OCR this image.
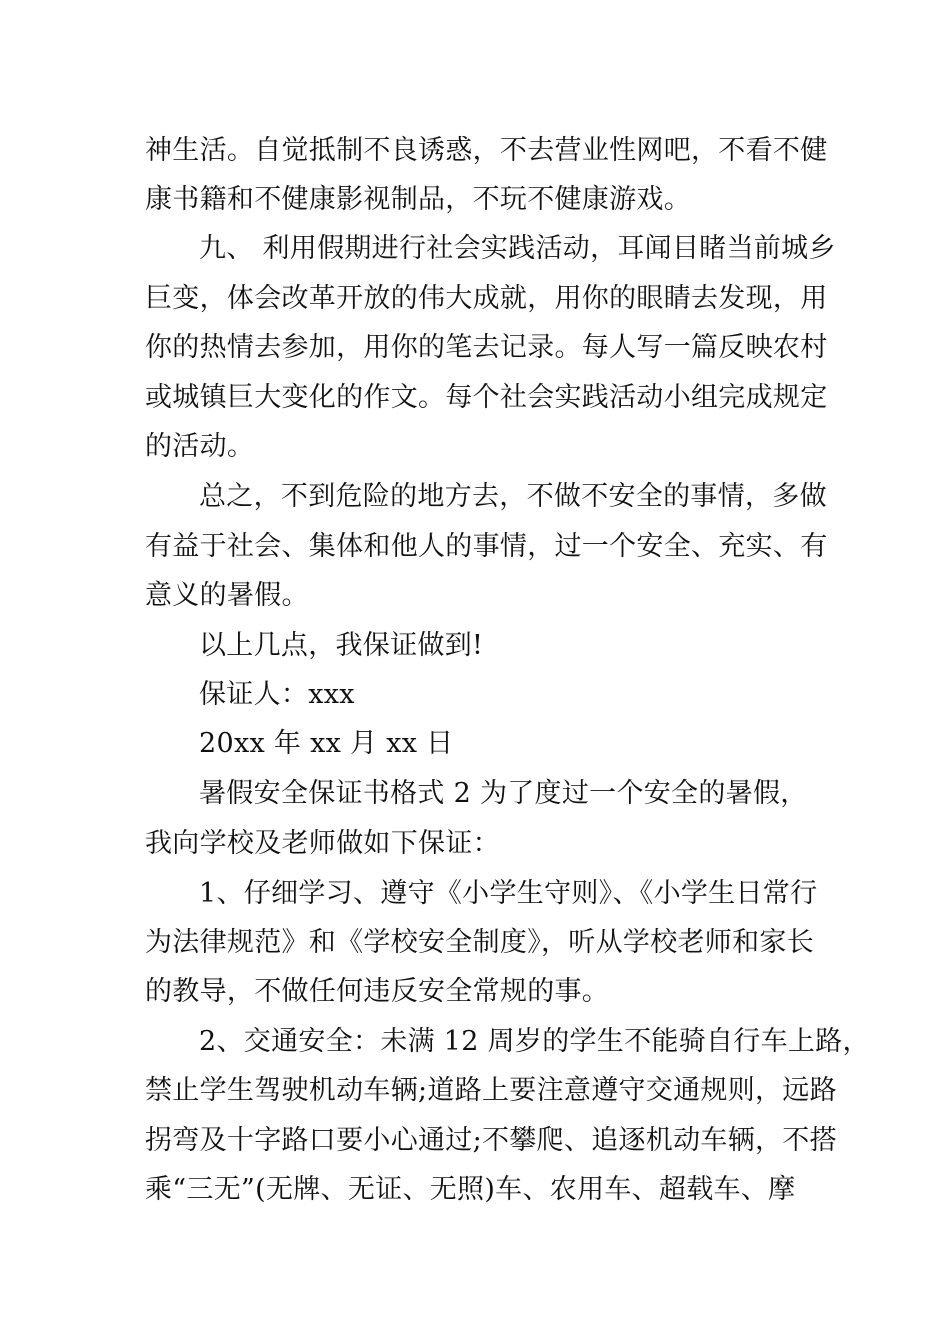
神生活。自觉抵制不良诱惑，不去营业性网吧，不看不健
康书籍和不健康影视制品，不玩不健康游戏。
九、 利用假期进行社会实践活动，耳闻目睹当前城乡
巨变，体会改革开放的伟大成就，用你的眼睛去发现，用
你的热情去参加，用你的笔去记录。每人写一篇反映农村
或城镇巨大变化的作文。每个社会实践活动小组完成规定
的活动。
总之，不到危险的地方去，不做不安全的事情，多做
有益于社会、集体和他人的事情，过一个安全、充实、有
意义的暑假。
以上几点，我保证做到!
保证人：xxx
20xx 年 xx 月 xx 日
暑假安全保证书格式 2 为了度过一个安全的暑假，
我向学校及老师做如下保证：
1、仔细学习、遵守《小学生守则》、《小学生日常行
为法律规范》和《学校安全制度》，听从学校老师和家长
的教导，不做任何违反安全常规的事。
2、交通安全：未满 12 周岁的学生不能骑自行车上路，
禁止学生驾驶机动车辆;道路上要注意遵守交通规则，远路
拐弯及十字路口要小心通过;不攀爬、追逐机动车辆，不搭
乘“三无”(无牌、无证、无照)车、农用车、超载车、摩
